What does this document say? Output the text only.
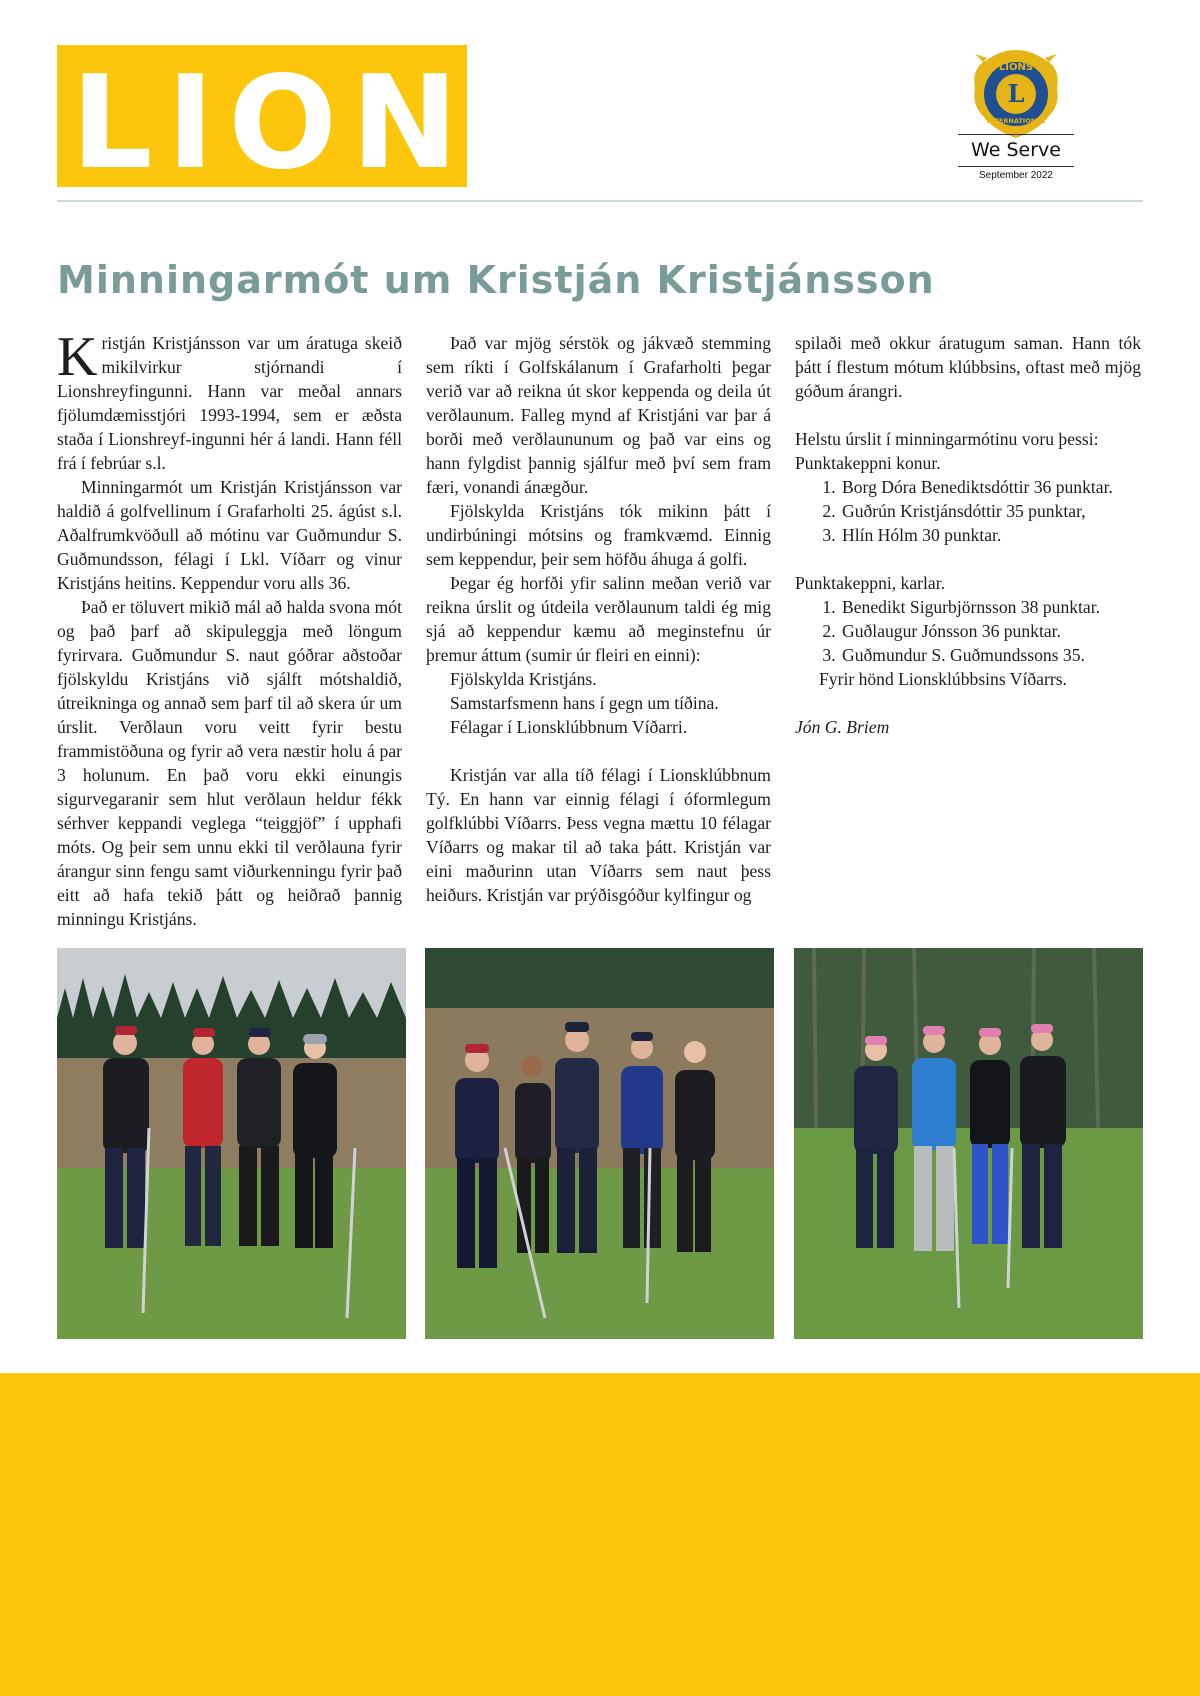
LION	LIONS
INTERNATIONAL
L
We Serve
September 2022
Minningarmót um Kristján Kristjánsson

Kristján Kristjánsson var um áratuga skeið mikilvirkur stjórnandi í Lionshreyfingunni. Hann var meðal annars fjölumdæmisstjóri 1993-1994, sem er æðsta staða í Lionshreyf-ingunni hér á landi. Hann féll frá í febrúar s.l.

Minningarmót um Kristján Kristjánsson var haldið á golfvellinum í Grafarholti 25. ágúst s.l. Aðalfrumkvöðull að mótinu var Guðmundur S. Guðmundsson, félagi í Lkl. Víðarr og vinur Kristjáns heitins. Keppendur voru alls 36.

Það er töluvert mikið mál að halda svona mót og það þarf að skipuleggja með löngum fyrirvara. Guðmundur S. naut góðrar aðstoðar fjölskyldu Kristjáns við sjálft mótshaldið, útreikninga og annað sem þarf til að skera úr um úrslit. Verðlaun voru veitt fyrir bestu frammistöðuna og fyrir að vera næstir holu á par 3 holunum. En það voru ekki einungis sigurvegaranir sem hlut verðlaun heldur fékk sérhver keppandi veglega “teiggjöf” í upphafi móts. Og þeir sem unnu ekki til verðlauna fyrir árangur sinn fengu samt viðurkenningu fyrir það eitt að hafa tekið þátt og heiðrað þannig minningu Kristjáns.

Það var mjög sérstök og jákvæð stemming sem ríkti í Golfskálanum í Grafarholti þegar verið var að reikna út skor keppenda og deila út verðlaunum. Falleg mynd af Kristjáni var þar á borði með verðlaununum og það var eins og hann fylgdist þannig sjálfur með því sem fram færi, vonandi ánægður.

Fjölskylda Kristjáns tók mikinn þátt í undirbúningi mótsins og framkvæmd. Einnig sem keppendur, þeir sem höfðu áhuga á golfi.

Þegar ég horfði yfir salinn meðan verið var reikna úrslit og útdeila verðlaunum taldi ég mig sjá að keppendur kæmu að meginstefnu úr þremur áttum (sumir úr fleiri en einni):

Fjölskylda Kristjáns.

Samstarfsmenn hans í gegn um tíðina.

Félagar í Lionsklúbbnum Víðarri.

Kristján var alla tíð félagi í Lionsklúbbnum Tý. En hann var einnig félagi í óformlegum golfklúbbi Víðarrs. Þess vegna mættu 10 félagar Víðarrs og makar til að taka þátt. Kristján var eini maðurinn utan Víðarrs sem naut þess heiðurs. Kristján var prýðisgóður kylfingur og

spilaði með okkur áratugum saman. Hann tók þátt í flestum mótum klúbbsins, oftast með mjög góðum árangri.

Helstu úrslit í minningarmótinu voru þessi:

Punktakeppni konur.

1. Borg Dóra Benediktsdóttir 36 punktar.
2. Guðrún Kristjánsdóttir 35 punktar,
3. Hlín Hólm 30 punktar.

Punktakeppni, karlar.

1. Benedikt Sigurbjörnsson 38 punktar.
2. Guðlaugur Jónsson 36 punktar.
3. Guðmundur S. Guðmundssons 35.

Fyrir hönd Lionsklúbbsins Víðarrs.

Jón G. Briem
